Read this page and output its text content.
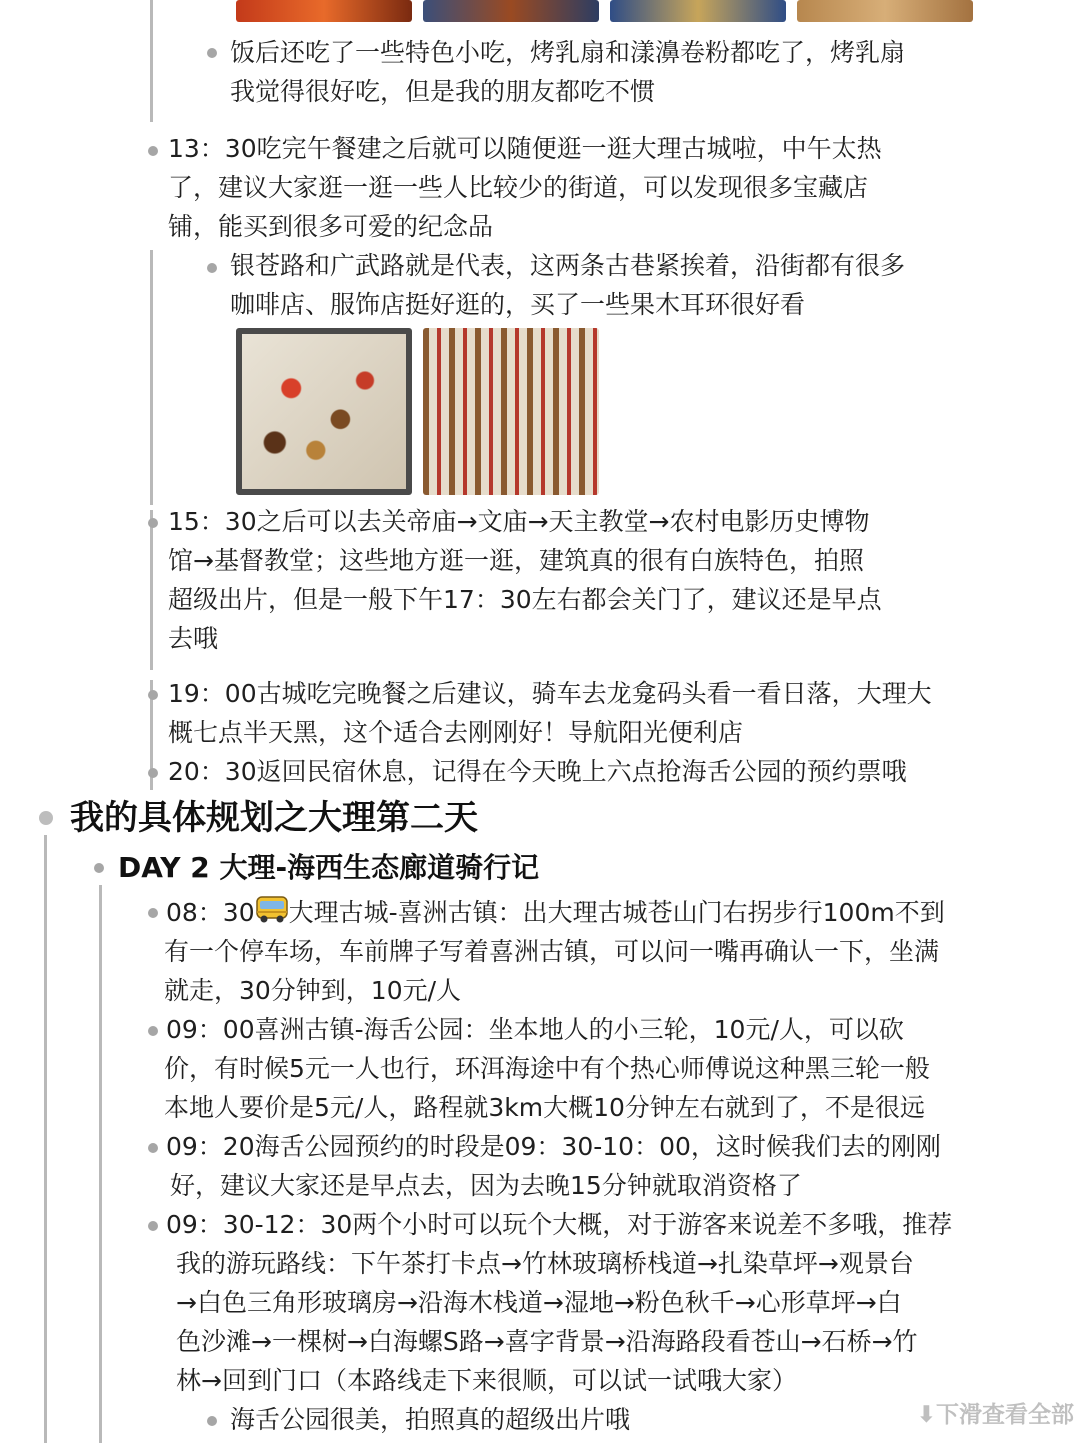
饭后还吃了一些特色小吃，烤乳扇和漾濞卷粉都吃了，烤乳扇
我觉得很好吃，但是我的朋友都吃不惯
13：30吃完午餐建之后就可以随便逛一逛大理古城啦，中午太热
了，建议大家逛一逛一些人比较少的街道，可以发现很多宝藏店
铺，能买到很多可爱的纪念品
银苍路和广武路就是代表，这两条古巷紧挨着，沿街都有很多
咖啡店、服饰店挺好逛的，买了一些果木耳环很好看
15：30之后可以去关帝庙→文庙→天主教堂→农村电影历史博物
馆→基督教堂；这些地方逛一逛，建筑真的很有白族特色，拍照
超级出片，但是一般下午17：30左右都会关门了，建议还是早点
去哦
19：00古城吃完晚餐之后建议，骑车去龙龛码头看一看日落，大理大
概七点半天黑，这个适合去刚刚好！导航阳光便利店
20：30返回民宿休息，记得在今天晚上六点抢海舌公园的预约票哦
我的具体规划之大理第二天
DAY 2 大理-海西生态廊道骑行记
08：30 大理古城-喜洲古镇：出大理古城苍山门右拐步行100m不到
有一个停车场，车前牌子写着喜洲古镇，可以问一嘴再确认一下，坐满
就走，30分钟到，10元/人
09：00喜洲古镇-海舌公园：坐本地人的小三轮，10元/人，可以砍
价，有时候5元一人也行，环洱海途中有个热心师傅说这种黑三轮一般
本地人要价是5元/人，路程就3km大概10分钟左右就到了，不是很远
09：20海舌公园预约的时段是09：30-10：00，这时候我们去的刚刚
好，建议大家还是早点去，因为去晚15分钟就取消资格了
09：30-12：30两个小时可以玩个大概，对于游客来说差不多哦，推荐
我的游玩路线：下午茶打卡点→竹林玻璃桥栈道→扎染草坪→观景台
→白色三角形玻璃房→沿海木栈道→湿地→粉色秋千→心形草坪→白
色沙滩→一棵树→白海螺S路→喜字背景→沿海路段看苍山→石桥→竹
林→回到门口（本路线走下来很顺，可以试一试哦大家）
海舌公园很美，拍照真的超级出片哦	⬇下滑查看全部
